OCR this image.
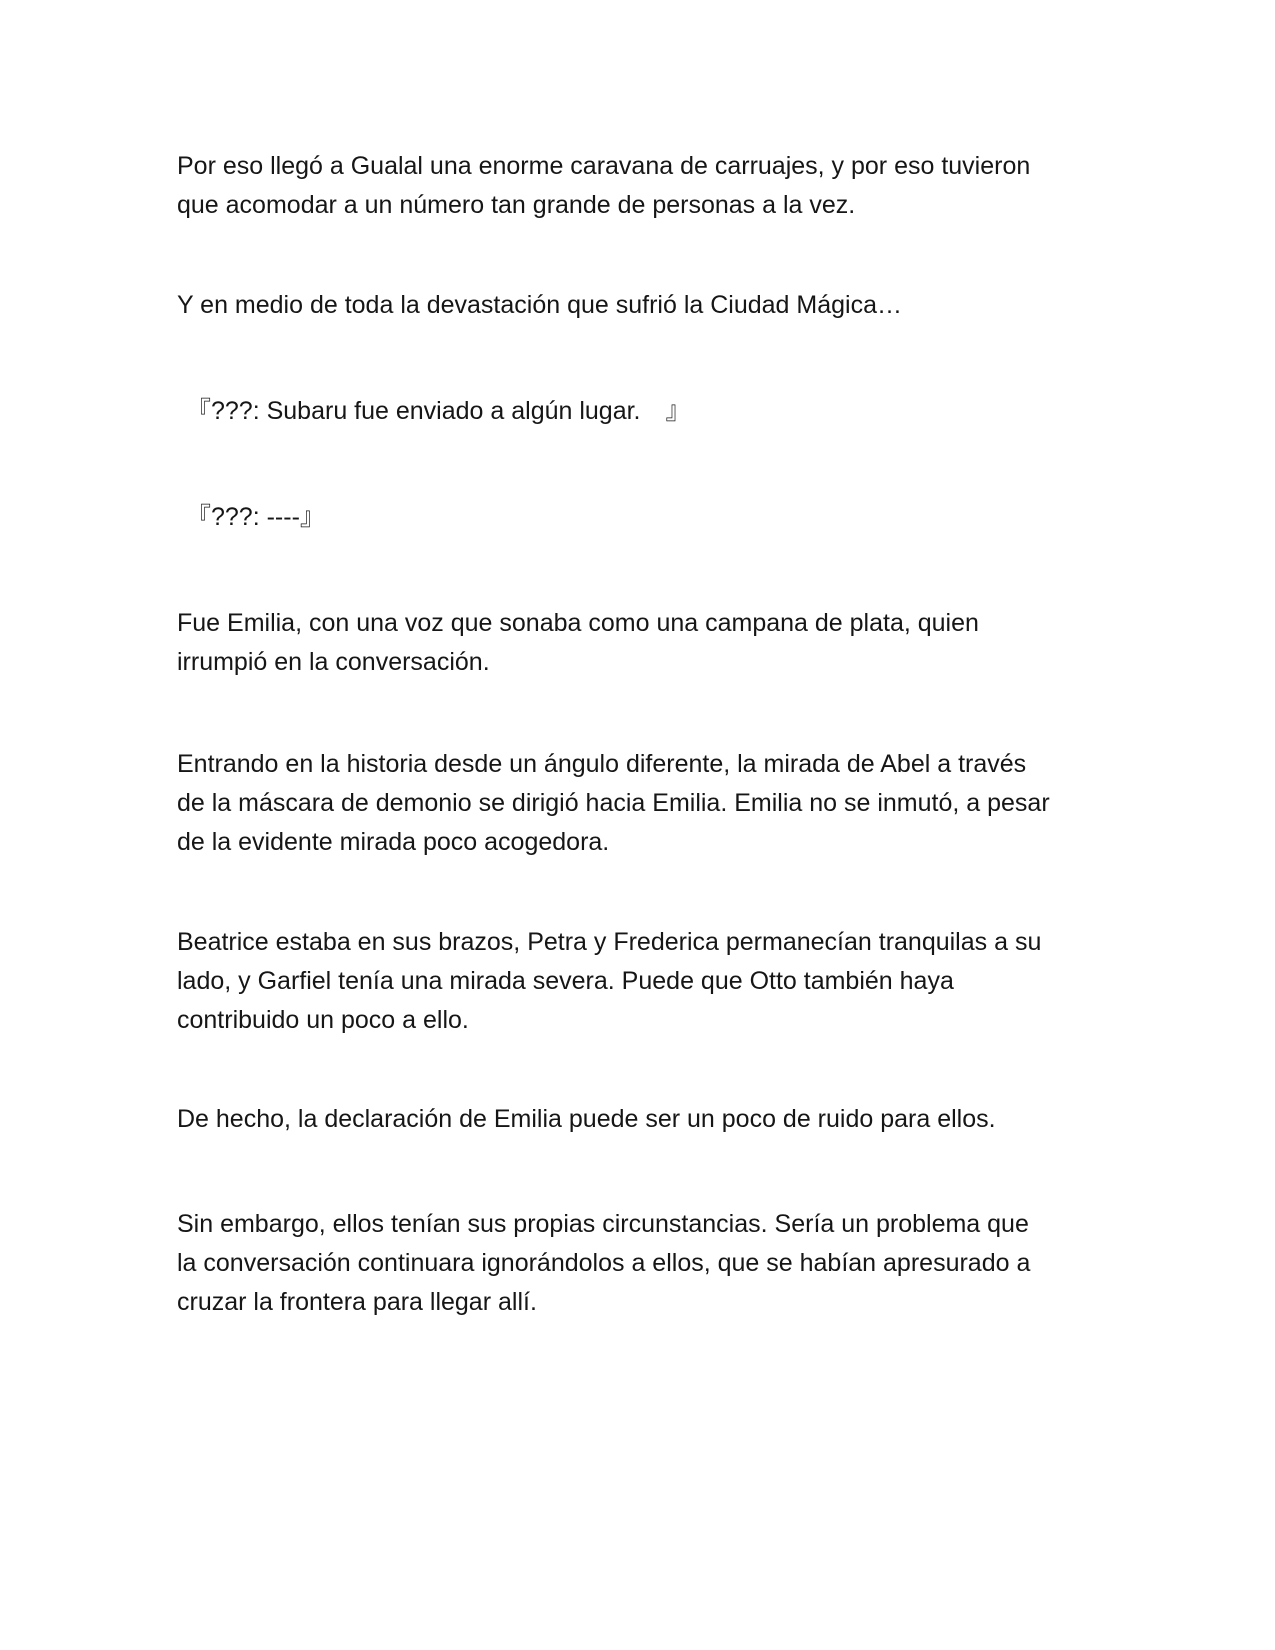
Por eso llegó a Gualal una enorme caravana de carruajes, y por eso tuvieron
que acomodar a un número tan grande de personas a la vez.

Y en medio de toda la devastación que sufrió la Ciudad Mágica…

『???: Subaru fue enviado a algún lugar.　』

『???: ----』

Fue Emilia, con una voz que sonaba como una campana de plata, quien
irrumpió en la conversación.

Entrando en la historia desde un ángulo diferente, la mirada de Abel a través
de la máscara de demonio se dirigió hacia Emilia. Emilia no se inmutó, a pesar
de la evidente mirada poco acogedora.

Beatrice estaba en sus brazos, Petra y Frederica permanecían tranquilas a su
lado, y Garfiel tenía una mirada severa. Puede que Otto también haya
contribuido un poco a ello.

De hecho, la declaración de Emilia puede ser un poco de ruido para ellos.

Sin embargo, ellos tenían sus propias circunstancias. Sería un problema que
la conversación continuara ignorándolos a ellos, que se habían apresurado a
cruzar la frontera para llegar allí.
